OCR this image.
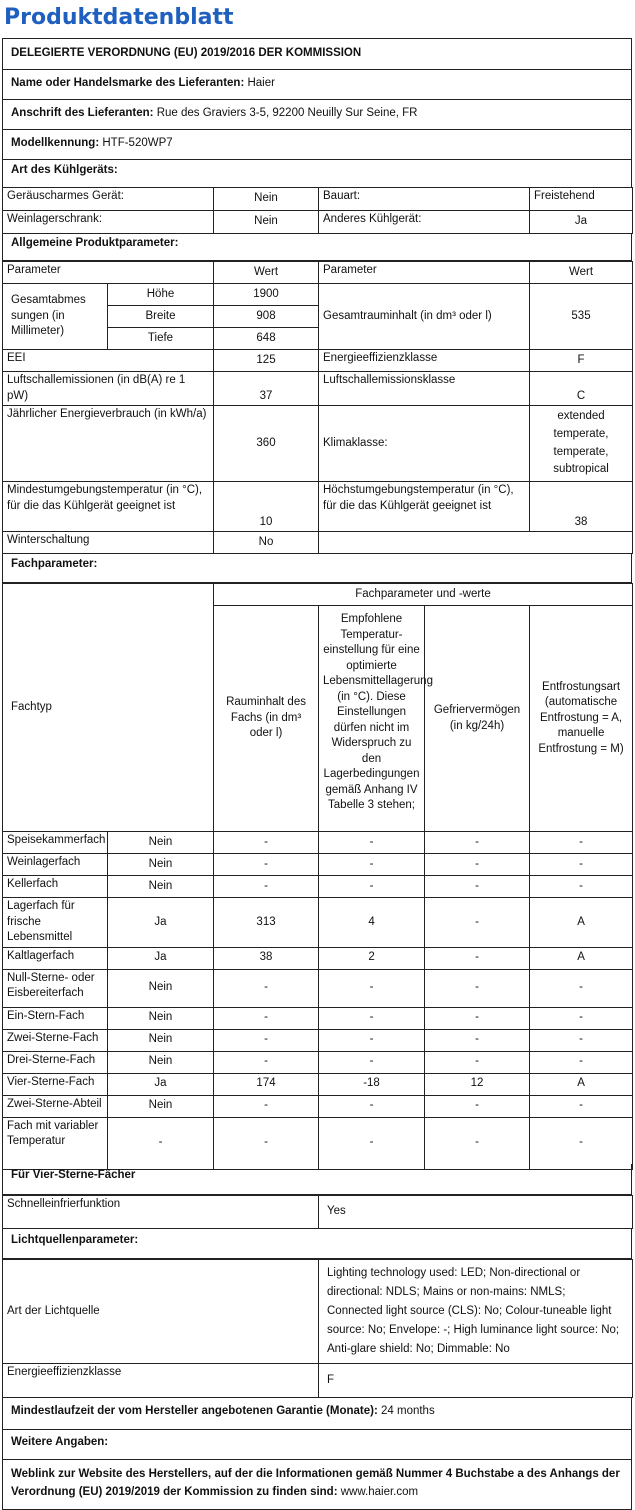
Produktdatenblatt
DELEGIERTE VERORDNUNG (EU) 2019/2016 DER KOMMISSION
Name oder Handelsmarke des Lieferanten: Haier
Anschrift des Lieferanten: Rue des Graviers 3-5, 92200 Neuilly Sur Seine, FR
Modellkennung: HTF-520WP7
Art des Kühlgeräts:
Geräuscharmes Gerät:	Nein	Bauart:	Freistehend
Weinlagerschrank:	Nein	Anderes Kühlgerät:	Ja
Allgemeine Produktparameter:
Parameter		Wert	Parameter	Wert
Gesamtabmes sungen (in Millimeter)	Höhe	1900	Gesamtrauminhalt (in dm³ oder l)	535
	Breite	908		
	Tiefe	648		
EEI		125	Energieeffizienzklasse	F
Luftschallemissionen (in dB(A) re 1 pW)		37	Luftschallemissionsklasse	C
Jährlicher Energieverbrauch (in kWh/a)		360	Klimaklasse:	extended temperate, temperate, subtropical
Mindestumgebungstemperatur (in °C), für die das Kühlgerät geeignet ist		10	Höchstumgebungstemperatur (in °C), für die das Kühlgerät geeignet ist	38
Winterschaltung		No		
Fachparameter:
Fachtyp		Fachparameter und -werte			
		Rauminhalt des Fachs (in dm³ oder l)	Empfohlene Temperatur-einstellung für eine optimierte Lebensmittellagerung (in °C). Diese Einstellungen dürfen nicht im Widerspruch zu den Lagerbedingungen gemäß Anhang IV Tabelle 3 stehen;	Gefriervermögen (in kg/24h)	Entfrostungsart (automatische Entfrostung = A, manuelle Entfrostung = M)
Speisekammerfach	Nein	-	-	-	-
Weinlagerfach	Nein	-	-	-	-
Kellerfach	Nein	-	-	-	-
Lagerfach für frische Lebensmittel	Ja	313	4	-	A
Kaltlagerfach	Ja	38	2	-	A
Null-Sterne- oder Eisbereiterfach	Nein	-	-	-	-
Ein-Stern-Fach	Nein	-	-	-	-
Zwei-Sterne-Fach	Nein	-	-	-	-
Drei-Sterne-Fach	Nein	-	-	-	-
Vier-Sterne-Fach	Ja	174	-18	12	A
Zwei-Sterne-Abteil	Nein	-	-	-	-
Fach mit variabler Temperatur	-	-	-	-	-
Für Vier-Sterne-Fächer
Schnelleinfrierfunktion	Yes
Lichtquellenparameter:
Art der Lichtquelle	Lighting technology used: LED; Non-directional or directional: NDLS; Mains or non-mains: NMLS; Connected light source (CLS): No; Colour-tuneable light source: No; Envelope: -; High luminance light source: No; Anti-glare shield: No; Dimmable: No
Energieeffizienzklasse	F
Mindestlaufzeit der vom Hersteller angebotenen Garantie (Monate): 24 months
Weitere Angaben:
Weblink zur Website des Herstellers, auf der die Informationen gemäß Nummer 4 Buchstabe a des Anhangs der Verordnung (EU) 2019/2019 der Kommission zu finden sind: www.haier.com
